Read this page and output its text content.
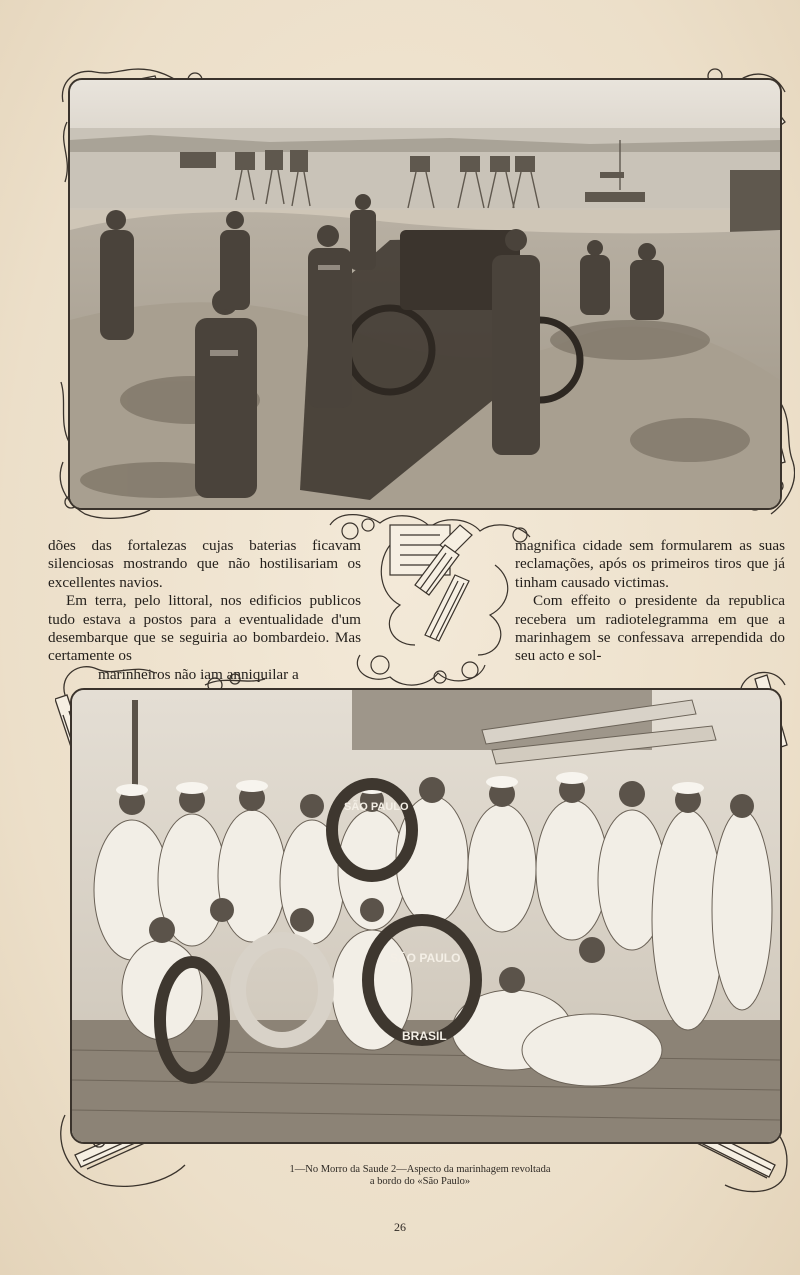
dões das fortalezas cujas baterias ficavam silenciosas mostrando que não hostilisariam os excellentes navios.

Em terra, pelo littoral, nos edificios publicos tudo estava a postos para a eventualidade d'um desembarque que se seguiria ao bombardeio. Mas certamente os

marinheiros não iam anniquilar a

magnifica cidade sem formularem as suas reclamações, após os primeiros tiros que já tinham causado victimas.

Com effeito o presidente da republica recebera um radiotelegramma em que a marinhagem se confessava arrependida do seu acto e sol-

SÃO PAULO
SÃO PAULO
BRASIL
1—No Morro da Saude 2—Aspecto da marinhagem revoltada
a bordo do «São Paulo»
26
